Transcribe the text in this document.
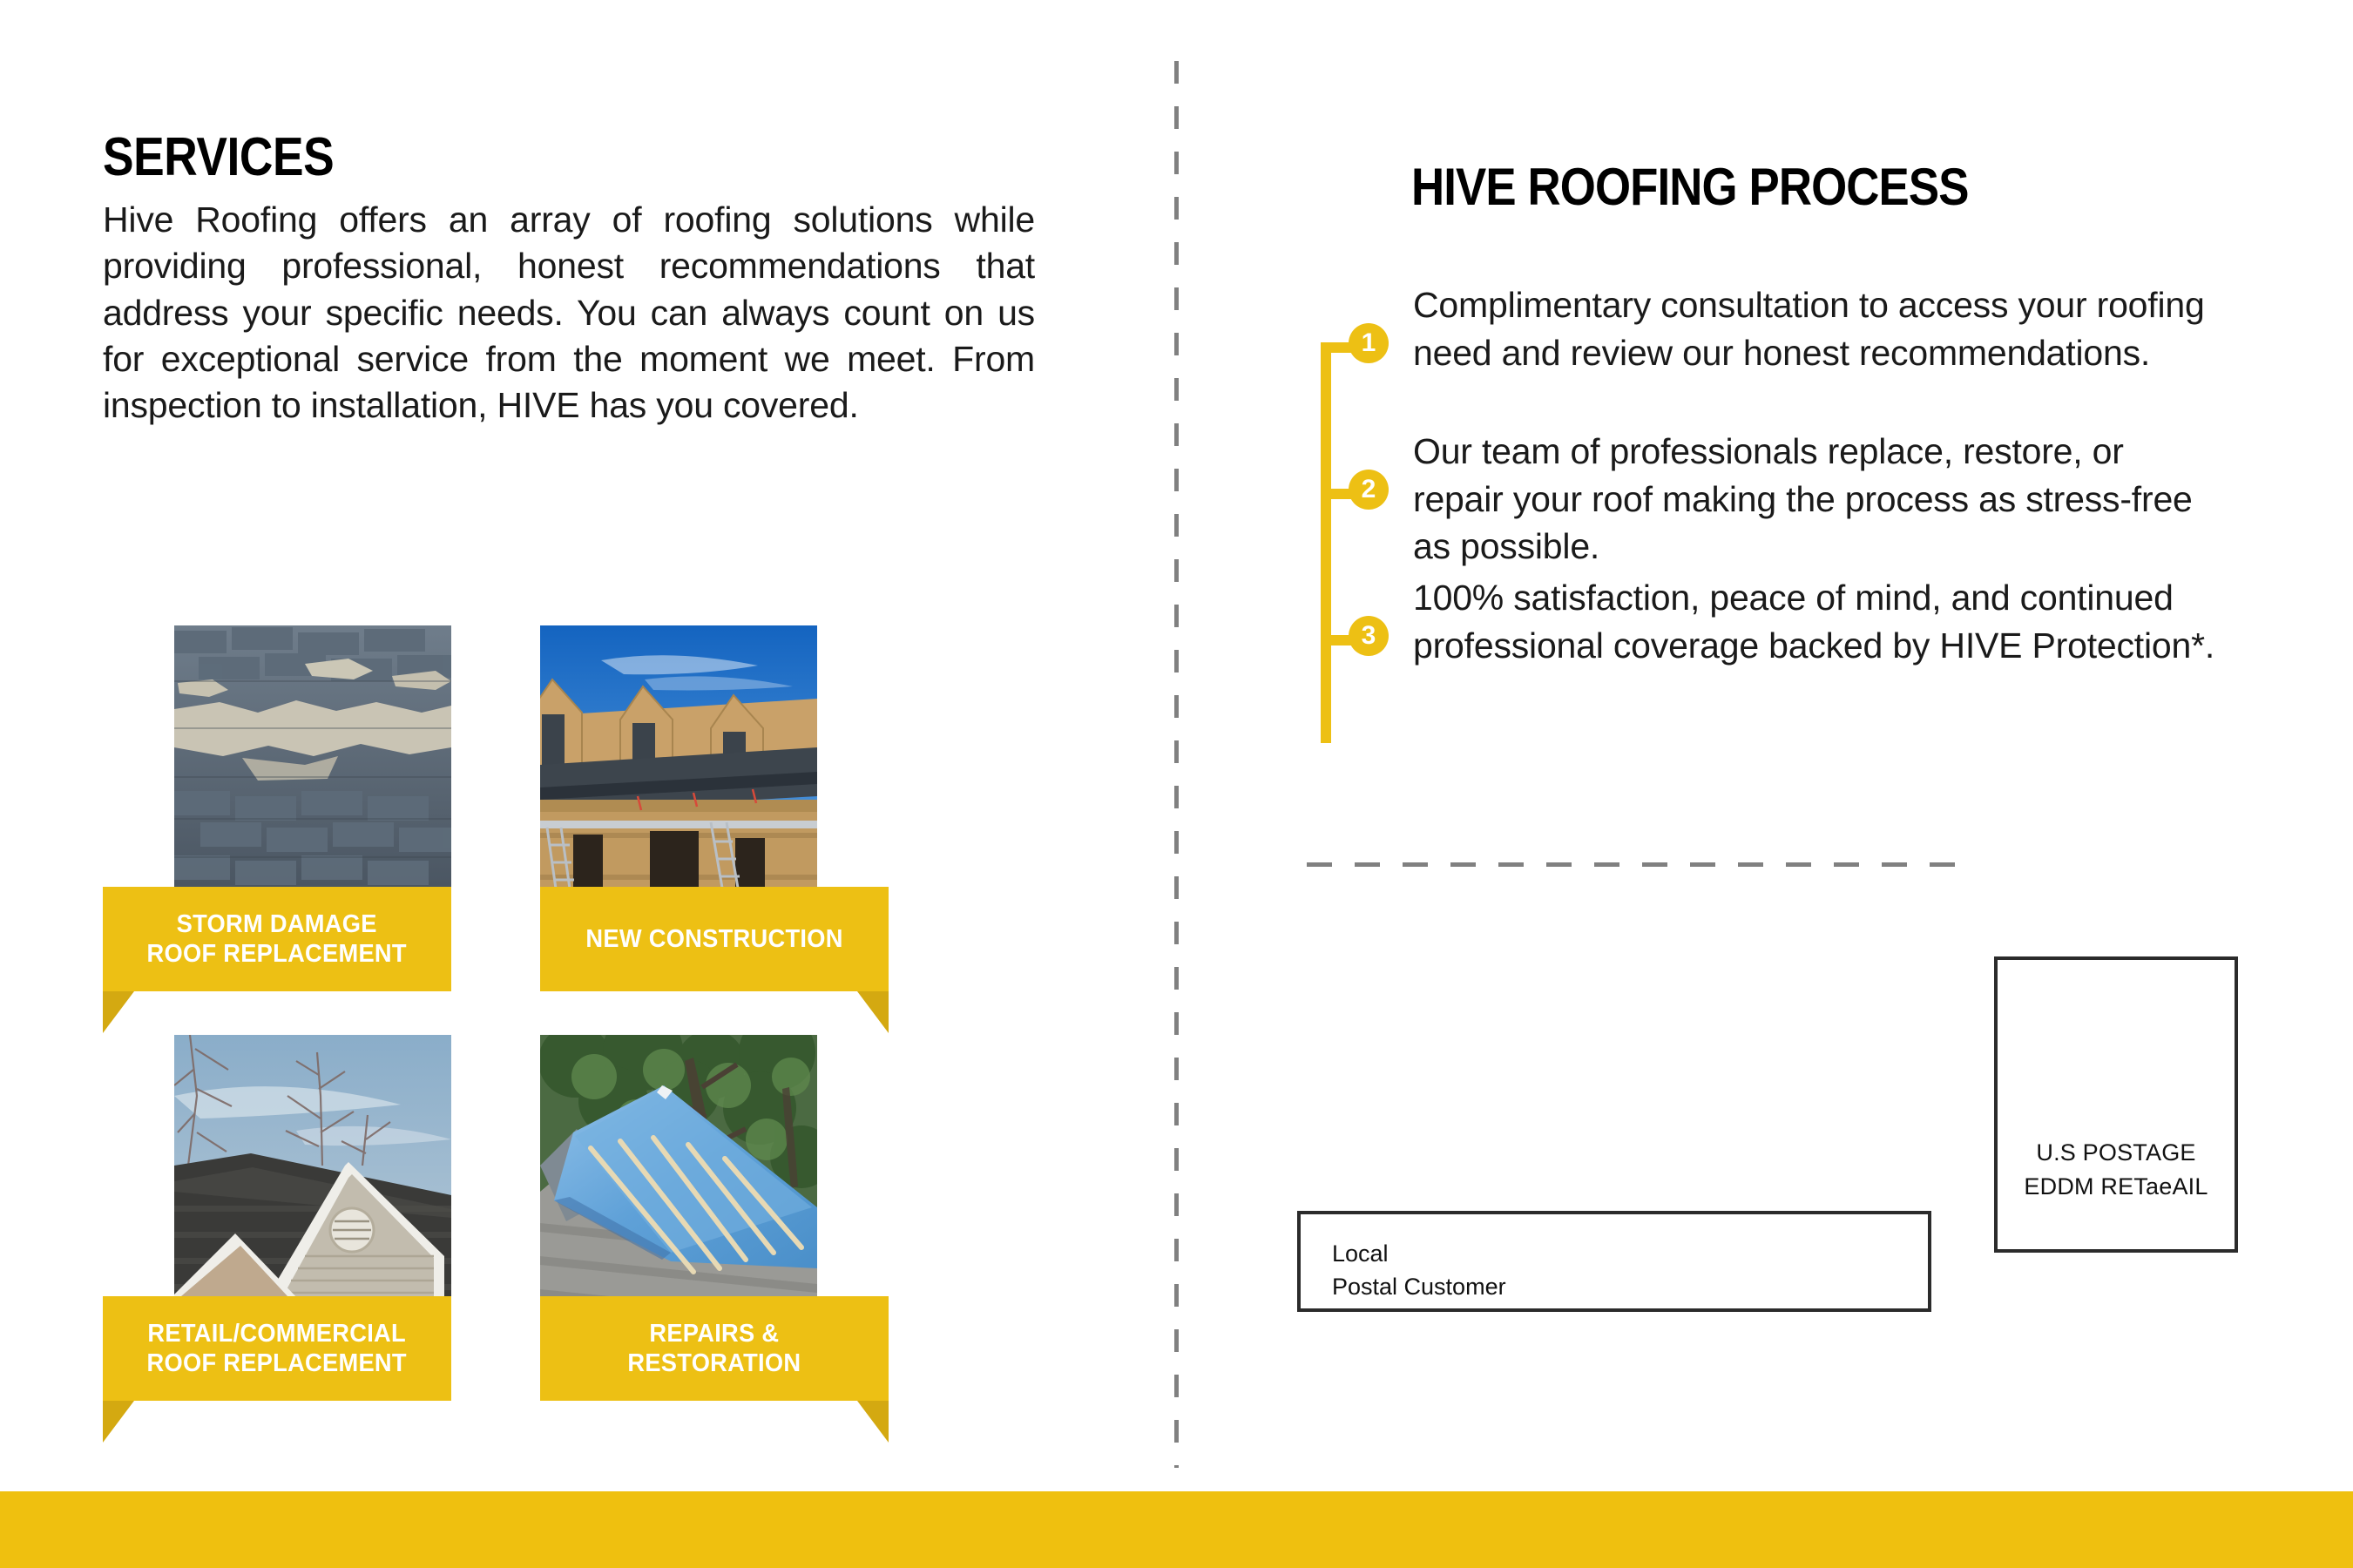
SERVICES

Hive Roofing offers an array of roofing solutions while providing professional, honest recommendations that address your specific needs. You can always count on us for exceptional service from the moment we meet. From inspection to installation, HIVE has you covered.

STORM DAMAGE
ROOF REPLACEMENT
NEW CONSTRUCTION
RETAIL/COMMERCIAL
ROOF REPLACEMENT
REPAIRS &
RESTORATION
HIVE ROOFING PROCESS
1
Complimentary consultation to access your roofing need and review our honest recommendations.
2
Our team of professionals replace, restore, or repair your roof making the process as stress-free as possible.
3
100% satisfaction, peace of mind, and continued professional coverage backed by HIVE Protection*.
U.S POSTAGE
EDDM RETaeAIL
Local
Postal Customer
